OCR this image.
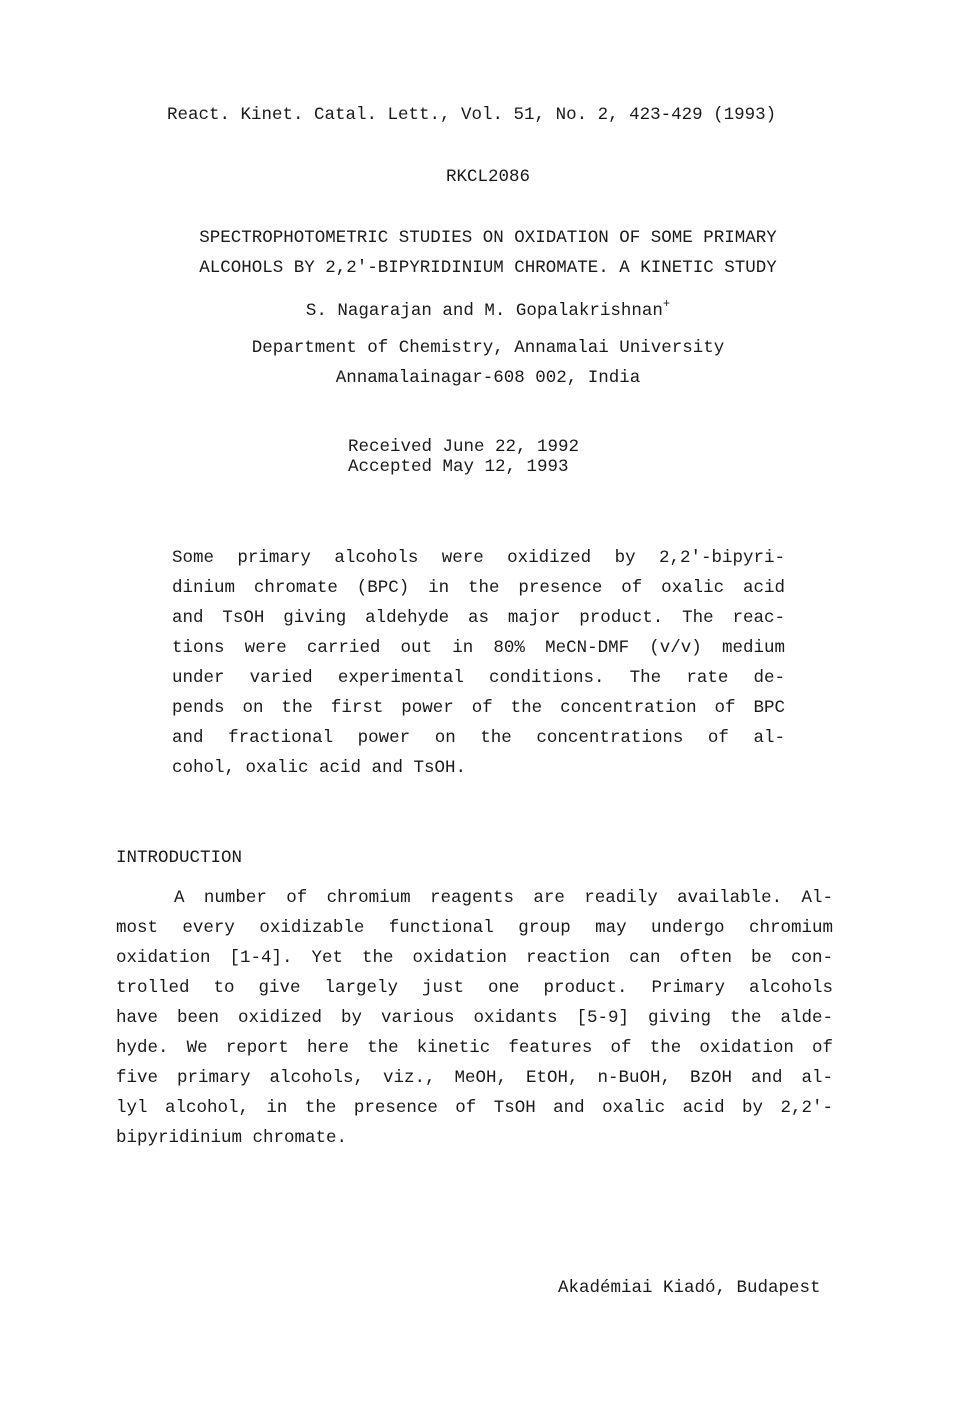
React. Kinet. Catal. Lett., Vol. 51, No. 2, 423-429 (1993)
RKCL2086
SPECTROPHOTOMETRIC STUDIES ON OXIDATION OF SOME PRIMARY
ALCOHOLS BY 2,2'-BIPYRIDINIUM CHROMATE. A KINETIC STUDY
S. Nagarajan and M. Gopalakrishnan+
Department of Chemistry, Annamalai University
Annamalainagar-608 002, India
Received June 22, 1992
Accepted May 12, 1993
Some primary alcohols were oxidized by 2,2'-bipyri-
dinium chromate (BPC) in the presence of oxalic acid
and TsOH giving aldehyde as major product. The reac-
tions were carried out in 80% MeCN-DMF (v/v) medium
under varied experimental conditions. The rate de-
pends on the first power of the concentration of BPC
and fractional power on the concentrations of al-
cohol, oxalic acid and TsOH.
INTRODUCTION
A number of chromium reagents are readily available. Al-
most every oxidizable functional group may undergo chromium
oxidation [1-4]. Yet the oxidation reaction can often be con-
trolled to give largely just one product. Primary alcohols
have been oxidized by various oxidants [5-9] giving the alde-
hyde. We report here the kinetic features of the oxidation of
five primary alcohols, viz., MeOH, EtOH, n-BuOH, BzOH and al-
lyl alcohol, in the presence of TsOH and oxalic acid by 2,2'-
bipyridinium chromate.
Akadémiai Kiadó, Budapest
